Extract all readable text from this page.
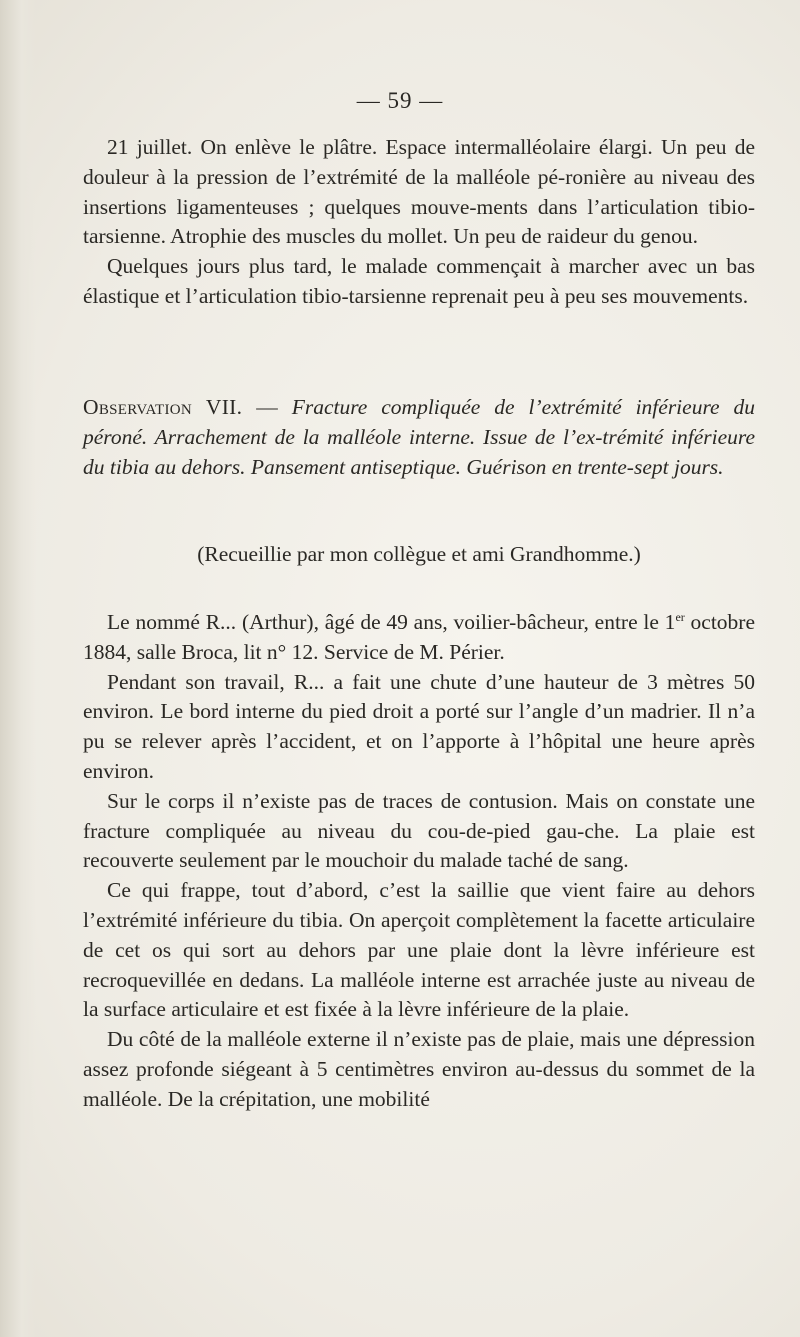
— 59 —

21 juillet. On enlève le plâtre. Espace intermalléolaire élargi. Un peu de douleur à la pression de l’extrémité de la malléole pé-ronière au niveau des insertions ligamenteuses ; quelques mouve-ments dans l’articulation tibio-tarsienne. Atrophie des muscles du mollet. Un peu de raideur du genou.

Quelques jours plus tard, le malade commençait à marcher avec un bas élastique et l’articulation tibio-tarsienne reprenait peu à peu ses mouvements.

Observation VII. — Fracture compliquée de l’extrémité inférieure du péroné. Arrachement de la malléole interne. Issue de l’ex-trémité inférieure du tibia au dehors. Pansement antiseptique. Guérison en trente-sept jours.

(Recueillie par mon collègue et ami Grandhomme.)

Le nommé R... (Arthur), âgé de 49 ans, voilier-bâcheur, entre le 1er octobre 1884, salle Broca, lit n° 12. Service de M. Périer.

Pendant son travail, R... a fait une chute d’une hauteur de 3 mètres 50 environ. Le bord interne du pied droit a porté sur l’angle d’un madrier. Il n’a pu se relever après l’accident, et on l’apporte à l’hôpital une heure après environ.

Sur le corps il n’existe pas de traces de contusion. Mais on constate une fracture compliquée au niveau du cou-de-pied gau-che. La plaie est recouverte seulement par le mouchoir du malade taché de sang.

Ce qui frappe, tout d’abord, c’est la saillie que vient faire au dehors l’extrémité inférieure du tibia. On aperçoit complètement la facette articulaire de cet os qui sort au dehors par une plaie dont la lèvre inférieure est recroquevillée en dedans. La malléole interne est arrachée juste au niveau de la surface articulaire et est fixée à la lèvre inférieure de la plaie.

Du côté de la malléole externe il n’existe pas de plaie, mais une dépression assez profonde siégeant à 5 centimètres environ au-dessus du sommet de la malléole. De la crépitation, une mobilité
